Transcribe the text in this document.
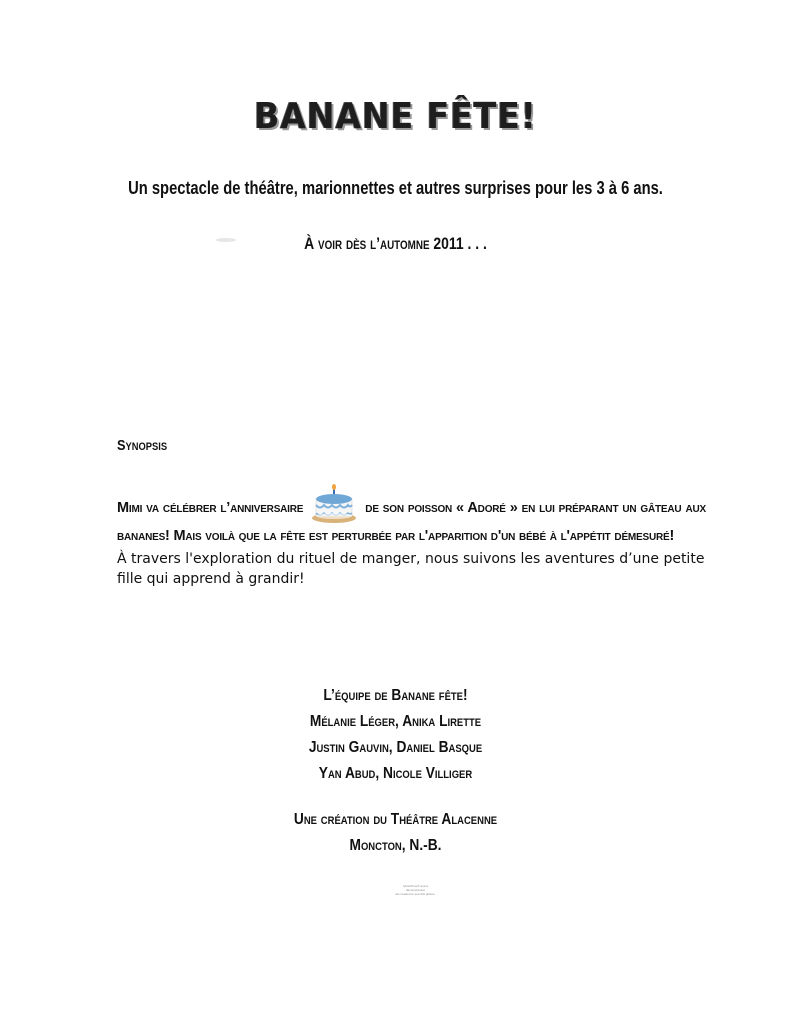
BANANE FÊTE!
Un spectacle de théâtre, marionnettes et autres surprises pour les 3 à 6 ans.
À voir dès l’automne 2011 . . .
Synopsis
Mimi va célébrer l’anniversaire	de son poisson « Adoré » en lui préparant un gâteau aux bananes! Mais voilà que la fête est perturbée par l'apparition d'un bébé à l'appétit démesuré!
À travers l'exploration du rituel de manger, nous suivons les aventures d’une petite fille qui apprend à grandir!
L’équipe de Banane fête!
Mélanie Léger, Anika Lirette
Justin Gauvin, Daniel Basque
Yan Abud, Nicole Villiger
Une création du Théâtre Alacenne
Moncton, N.-B.
QuickTime® and a
decompressor
are needed to see this picture.
